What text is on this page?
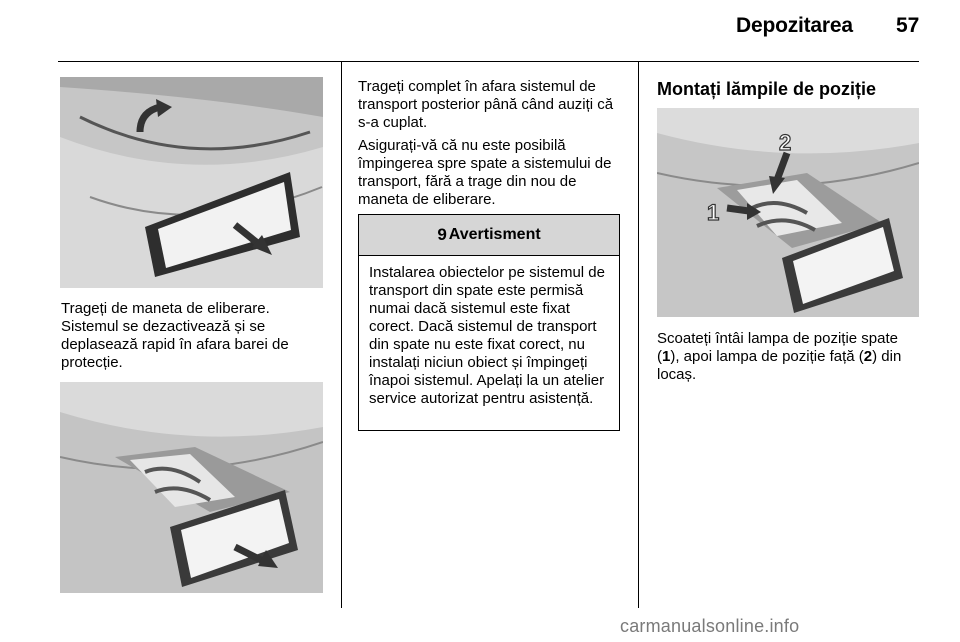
Depozitarea 57

Trageți de maneta de eliberare. Sistemul se dezactivează și se deplasează rapid în afara barei de protecție.

Trageți complet în afara sistemul de transport posterior până când auziți că s-a cuplat.

Asigurați-vă că nu este posibilă împingerea spre spate a sistemului de transport, fără a trage din nou de maneta de eliberare.

9 Avertisment

Instalarea obiectelor pe sistemul de transport din spate este permisă numai dacă sistemul este fixat corect. Dacă sistemul de transport din spate nu este fixat corect, nu instalați niciun obiect și împingeți înapoi sistemul. Apelați la un atelier service autorizat pentru asistență.

Montați lămpile de poziție
2
1

Scoateți întâi lampa de poziție spate (1), apoi lampa de poziție față (2) din locaș.

carmanualsonline.info
